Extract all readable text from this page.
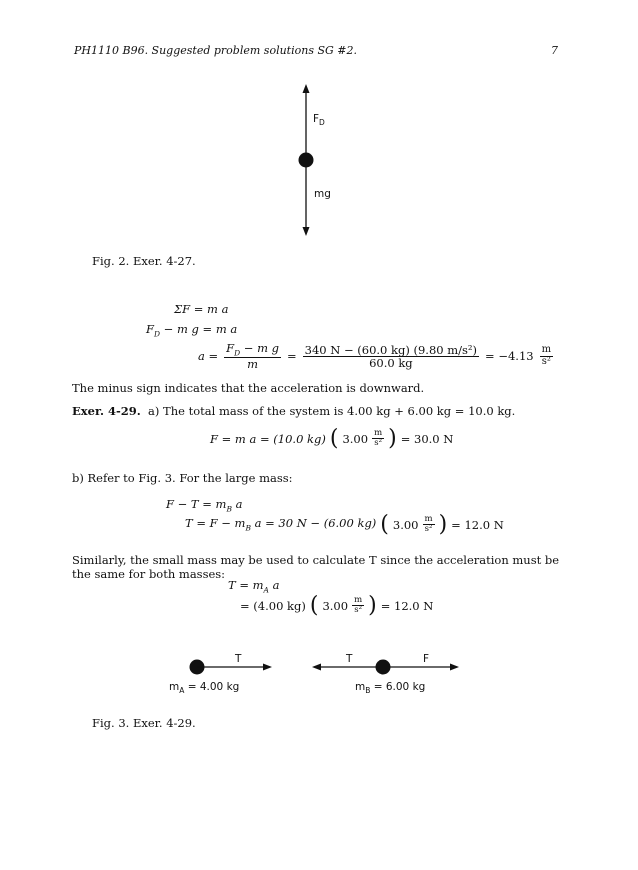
PH1110 B96. Suggested problem solutions SG #2.	7
$F_D$
mg
Fig. 2. Exer. 4-27.
ΣF = m a
$F_D - m$ g = m a
$a = \frac{F_D - m g}{m} = \frac{\text{340 N − (60.0 kg) (9.80 m/s²)}}{60.0 kg} = -4.13 \frac{m}{\text{s²}}$
The minus sign indicates that the acceleration is downward.
Exer. 4-29. a) The total mass of the system is 4.00 kg + 6.00 kg = 10.0 kg.
F = m a = (10.0 kg) ( $3.00 \frac{m}{\text{s²}}$ ) = 30.0 N
b) Refer to Fig. 3. For the large mass:
$F - T = m_B$ a
$T = F - m_B$ a = 30 N − (6.00 kg) ( $3.00 \frac{m}{\text{s²}}$ ) = 12.0 N
Similarly, the small mass may be used to calculate T since the acceleration must be the same for both masses:
$T = m_A$ a
= (4.00 kg) ( $3.00 \frac{m}{\text{s²}}$ ) = 12.0 N
T	T	F
$m_A = 4.00$ kg	$m_B = 6.00$ kg
Fig. 3. Exer. 4-29.
